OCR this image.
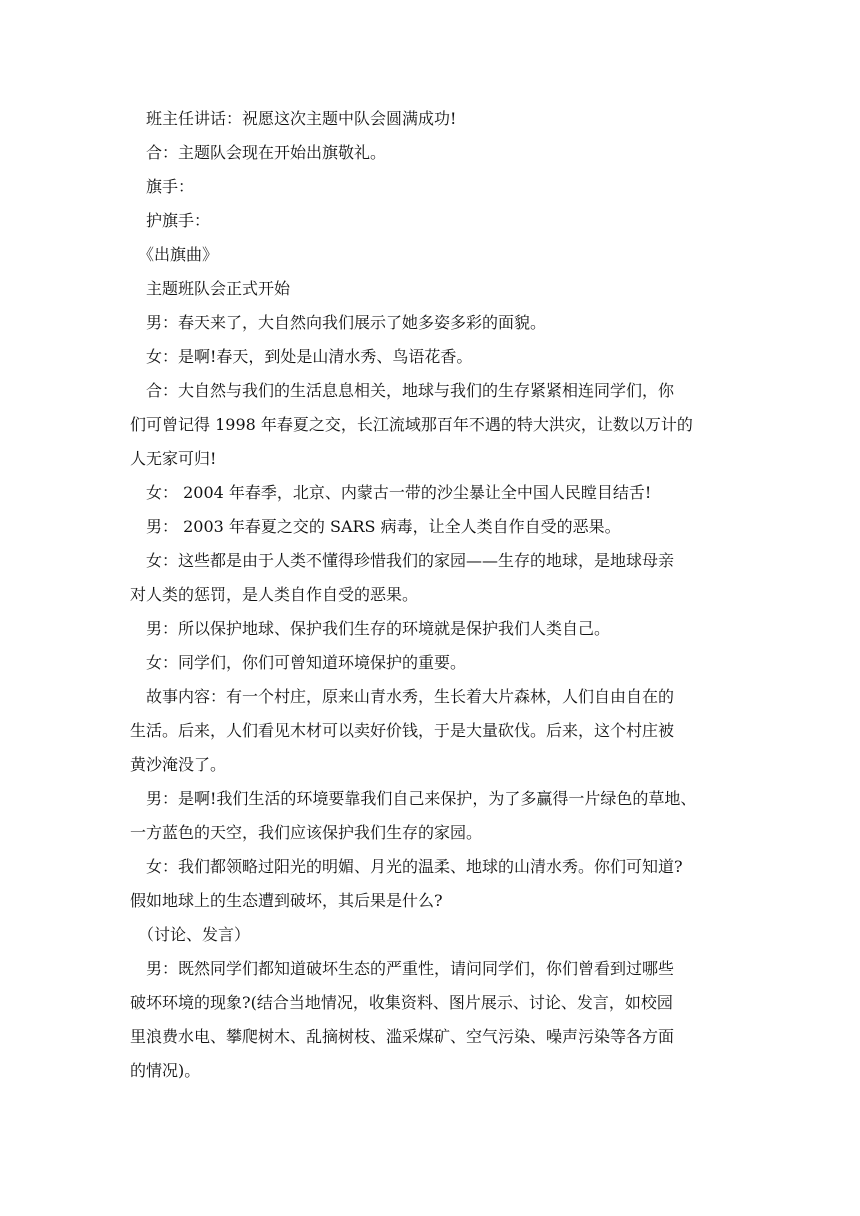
班主任讲话：祝愿这次主题中队会圆满成功!
合：主题队会现在开始出旗敬礼。
旗手：
护旗手：
《出旗曲》
主题班队会正式开始
男：春天来了，大自然向我们展示了她多姿多彩的面貌。
女：是啊!春天，到处是山清水秀、鸟语花香。
合：大自然与我们的生活息息相关，地球与我们的生存紧紧相连同学们，你
们可曾记得 1998 年春夏之交，长江流域那百年不遇的特大洪灾，让数以万计的
人无家可归!
女： 2004 年春季，北京、内蒙古一带的沙尘暴让全中国人民瞠目结舌!
男： 2003 年春夏之交的 SARS 病毒，让全人类自作自受的恶果。
女：这些都是由于人类不懂得珍惜我们的家园——生存的地球，是地球母亲
对人类的惩罚，是人类自作自受的恶果。
男：所以保护地球、保护我们生存的环境就是保护我们人类自己。
女：同学们，你们可曾知道环境保护的重要。
故事内容：有一个村庄，原来山青水秀，生长着大片森林，人们自由自在的
生活。后来，人们看见木材可以卖好价钱，于是大量砍伐。后来，这个村庄被
黄沙淹没了。
男：是啊!我们生活的环境要靠我们自己来保护，为了多赢得一片绿色的草地、
一方蓝色的天空，我们应该保护我们生存的家园。
女：我们都领略过阳光的明媚、月光的温柔、地球的山清水秀。你们可知道?
假如地球上的生态遭到破坏，其后果是什么?
（讨论、发言）
男：既然同学们都知道破坏生态的严重性，请问同学们，你们曾看到过哪些
破坏环境的现象?(结合当地情况，收集资料、图片展示、讨论、发言，如校园
里浪费水电、攀爬树木、乱摘树枝、滥采煤矿、空气污染、噪声污染等各方面
的情况)。
